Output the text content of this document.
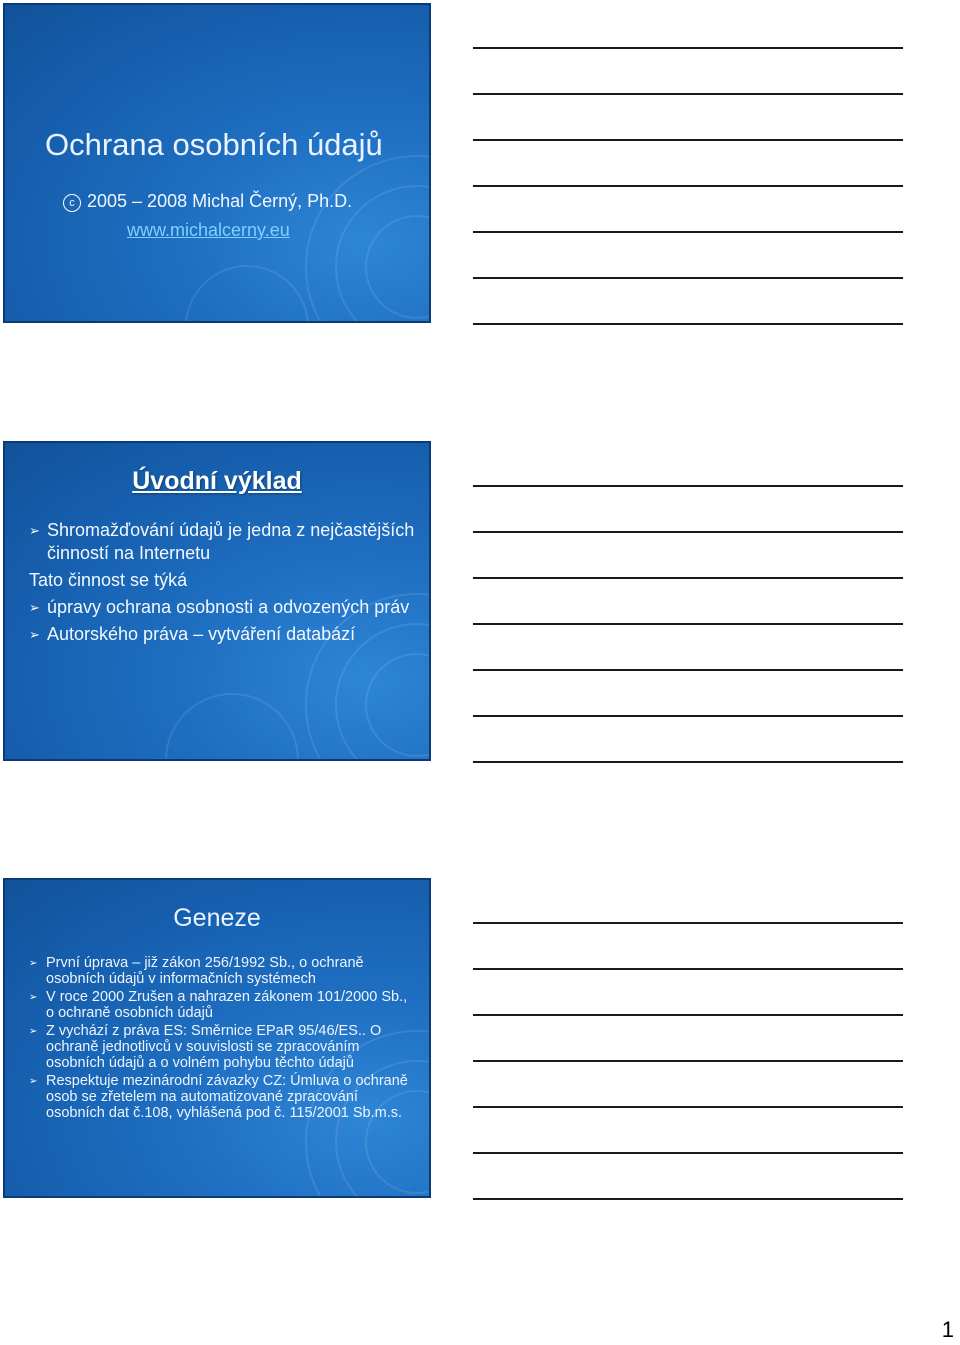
Ochrana osobních údajů
c 2005 – 2008 Michal Černý, Ph.D.
www.michalcerny.eu
Úvodní výklad
➢ Shromažďování údajů je jedna z nejčastějších činností na Internetu
Tato činnost se týká
➢ úpravy ochrana osobnosti a odvozených práv
➢ Autorského práva – vytváření databází
Geneze
➢ První úprava – již zákon 256/1992 Sb., o ochraně osobních údajů v informačních systémech
➢ V roce 2000 Zrušen a nahrazen zákonem 101/2000 Sb., o ochraně osobních údajů
➢ Z vychází z práva ES: Směrnice EPaR 95/46/ES.. O ochraně jednotlivců v souvislosti se zpracováním osobních údajů a o volném pohybu těchto údajů
➢ Respektuje mezinárodní závazky CZ: Úmluva o ochraně osob se zřetelem na automatizované zpracování osobních dat č.108, vyhlášená pod č. 115/2001 Sb.m.s.
1
